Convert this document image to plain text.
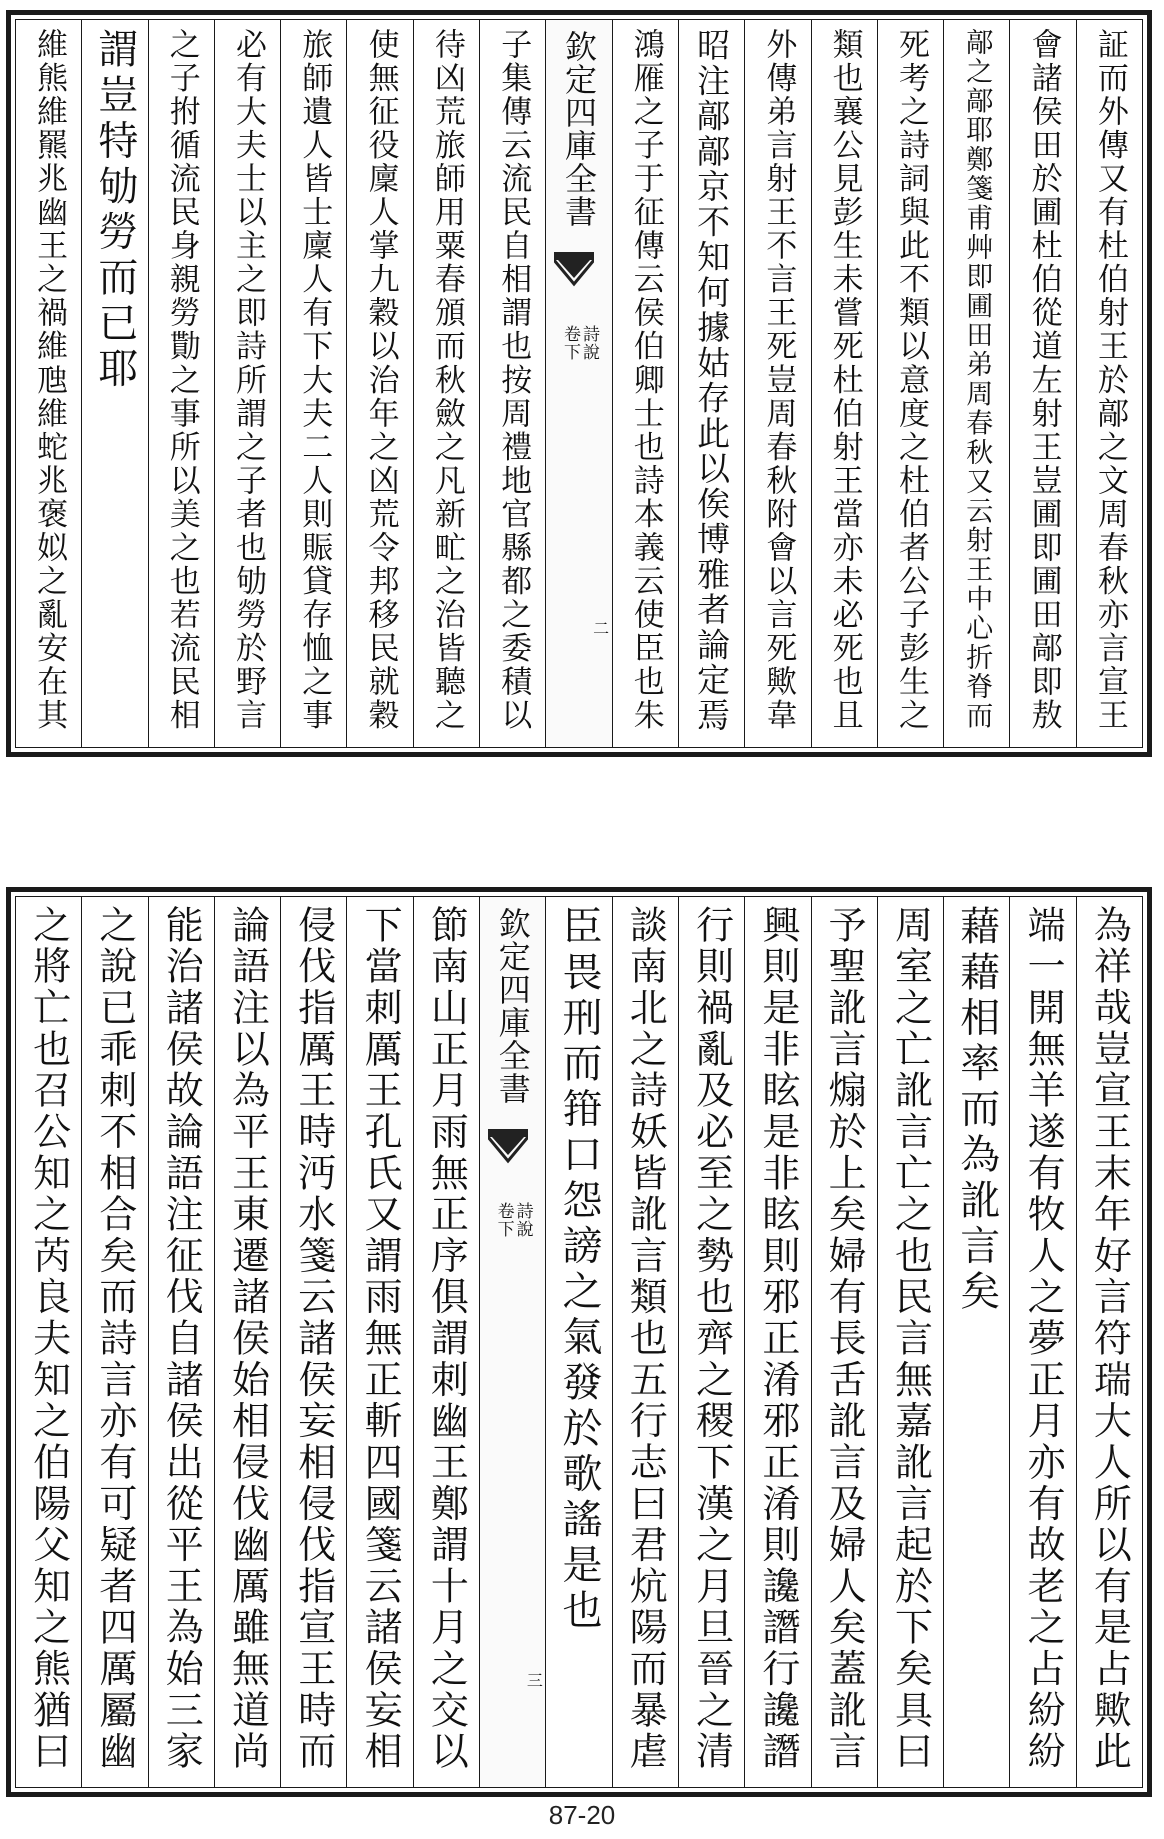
証而外傳又有杜伯射王於鄗之文周春秋亦言宣王
會諸侯田於圃杜伯從道左射王豈圃即圃田鄗即敖
鄗之鄗耶鄭箋甫艸即圃田弟周春秋又云射王中心折脊而
死考之詩詞與此不類以意度之杜伯者公子彭生之
類也襄公見彭生未嘗死杜伯射王當亦未必死也且
外傳弟言射王不言王死豈周春秋附會以言死歟韋
昭注鄗鄗京不知何據姑存此以俟博雅者論定焉
鴻雁之子于征傳云侯伯卿士也詩本義云使臣也朱
欽定四庫全書
詩說
卷下
二
子集傳云流民自相謂也按周禮地官縣都之委積以
待凶荒旅師用粟春頒而秋斂之凡新甿之治皆聽之
使無征役廩人掌九穀以治年之凶荒令邦移民就穀
旅師遺人皆士廩人有下大夫二人則賑貸存恤之事
必有大夫士以主之即詩所謂之子者也劬勞於野言
之子拊循流民身親勞勩之事所以美之也若流民相
謂豈特劬勞而已耶
維熊維羆兆幽王之禍維虺維蛇兆褒姒之亂安在其
為祥哉豈宣王末年好言符瑞大人所以有是占歟此
端一開無羊遂有牧人之夢正月亦有故老之占紛紛
藉藉相率而為訛言矣
周室之亡訛言亡之也民言無嘉訛言起於下矣具曰
予聖訛言煽於上矣婦有長舌訛言及婦人矣蓋訛言
興則是非眩是非眩則邪正淆邪正淆則讒譖行讒譖
行則禍亂及必至之勢也齊之稷下漢之月旦晉之清
談南北之詩妖皆訛言類也五行志曰君炕陽而暴虐
臣畏刑而箝口怨謗之氣發於歌謠是也
欽定四庫全書
詩說
卷下
三
節南山正月雨無正序俱謂刺幽王鄭謂十月之交以
下當刺厲王孔氏又謂雨無正斬四國箋云諸侯妄相
侵伐指厲王時沔水箋云諸侯妄相侵伐指宣王時而
論語注以為平王東遷諸侯始相侵伐幽厲雖無道尚
能治諸侯故論語注征伐自諸侯出從平王為始三家
之說已乖刺不相合矣而詩言亦有可疑者四厲屬幽
之將亡也召公知之芮良夫知之伯陽父知之熊猶曰
87-20
